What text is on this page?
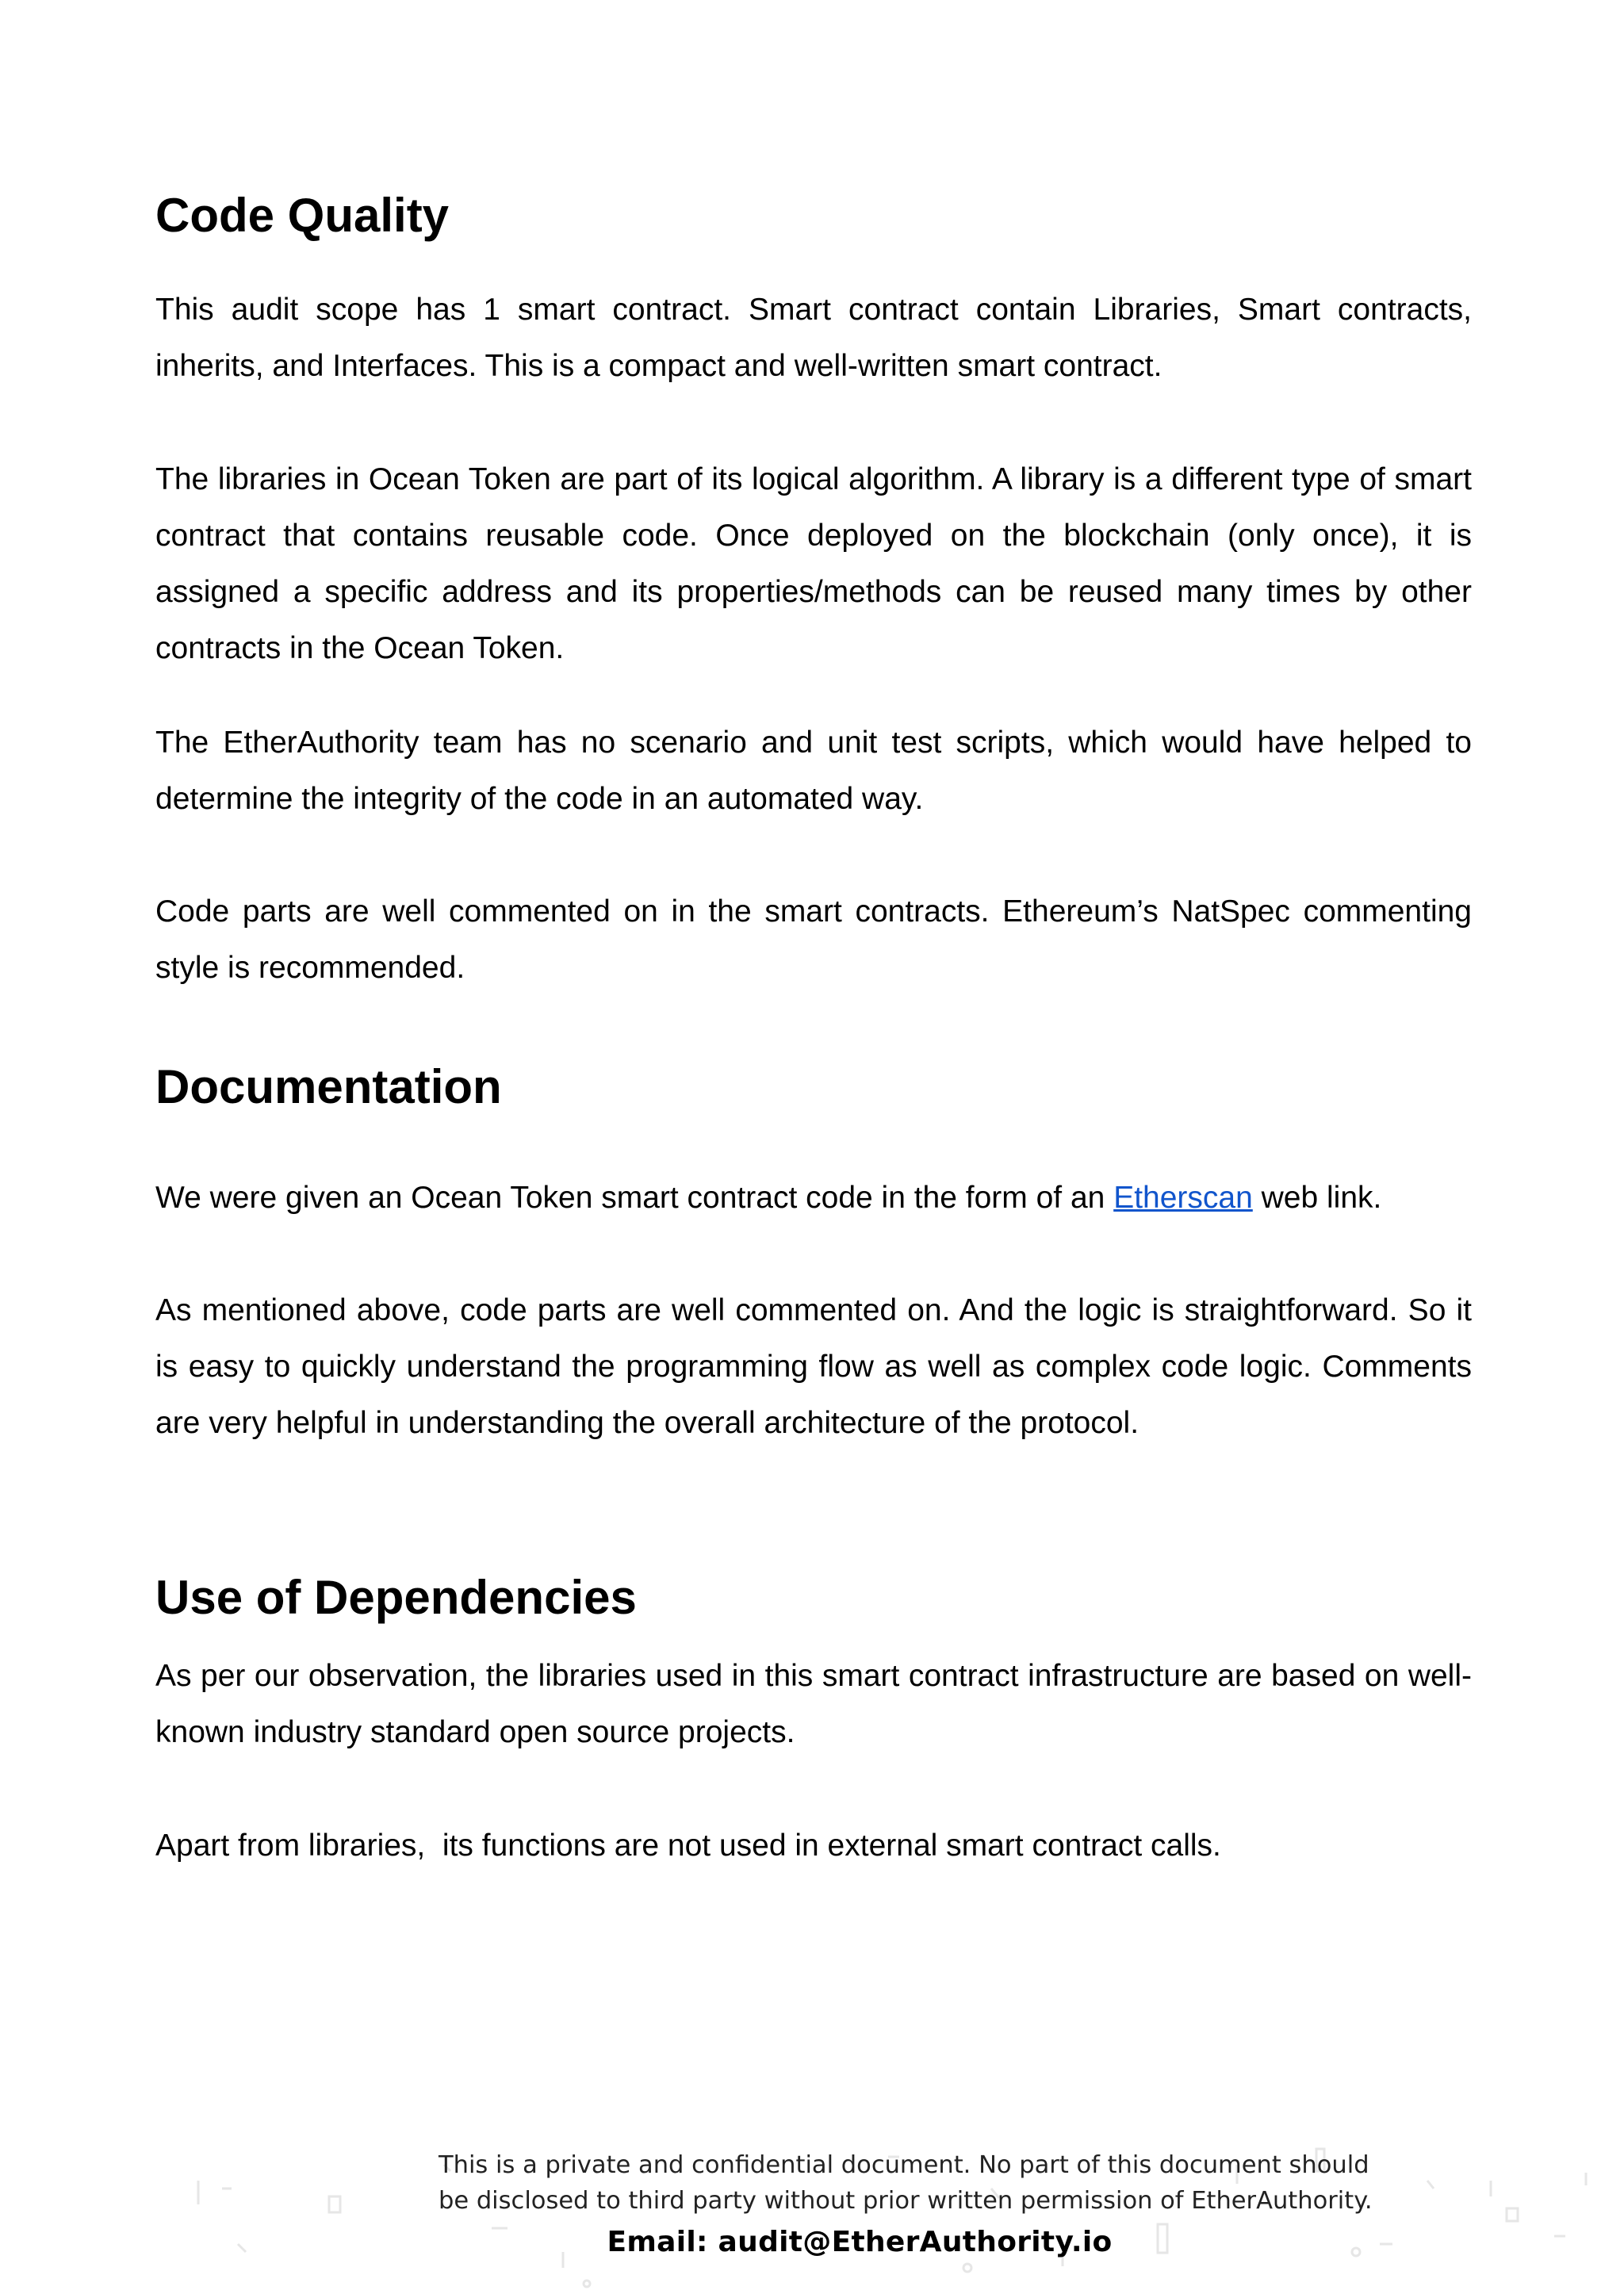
Code Quality

This audit scope has 1 smart contract. Smart contract contain Libraries, Smart contracts, inherits, and Interfaces. This is a compact and well-written smart contract.

The libraries in Ocean Token are part of its logical algorithm. A library is a different type of smart contract that contains reusable code. Once deployed on the blockchain (only once), it is assigned a specific address and its properties/methods can be reused many times by other contracts in the Ocean Token.

The EtherAuthority team has no scenario and unit test scripts, which would have helped to determine the integrity of the code in an automated way.

Code parts are well commented on in the smart contracts. Ethereum’s NatSpec commenting style is recommended.

Documentation

We were given an Ocean Token smart contract code in the form of an Etherscan web link.

As mentioned above, code parts are well commented on. And the logic is straightforward. So it is easy to quickly understand the programming flow as well as complex code logic. Comments are very helpful in understanding the overall architecture of the protocol.

Use of Dependencies

As per our observation, the libraries used in this smart contract infrastructure are based on well-known industry standard open source projects.

Apart from libraries,  its functions are not used in external smart contract calls.

This is a private and confidential document. No part of this document should
be disclosed to third party without prior written permission of EtherAuthority.
Email: audit@EtherAuthority.io
